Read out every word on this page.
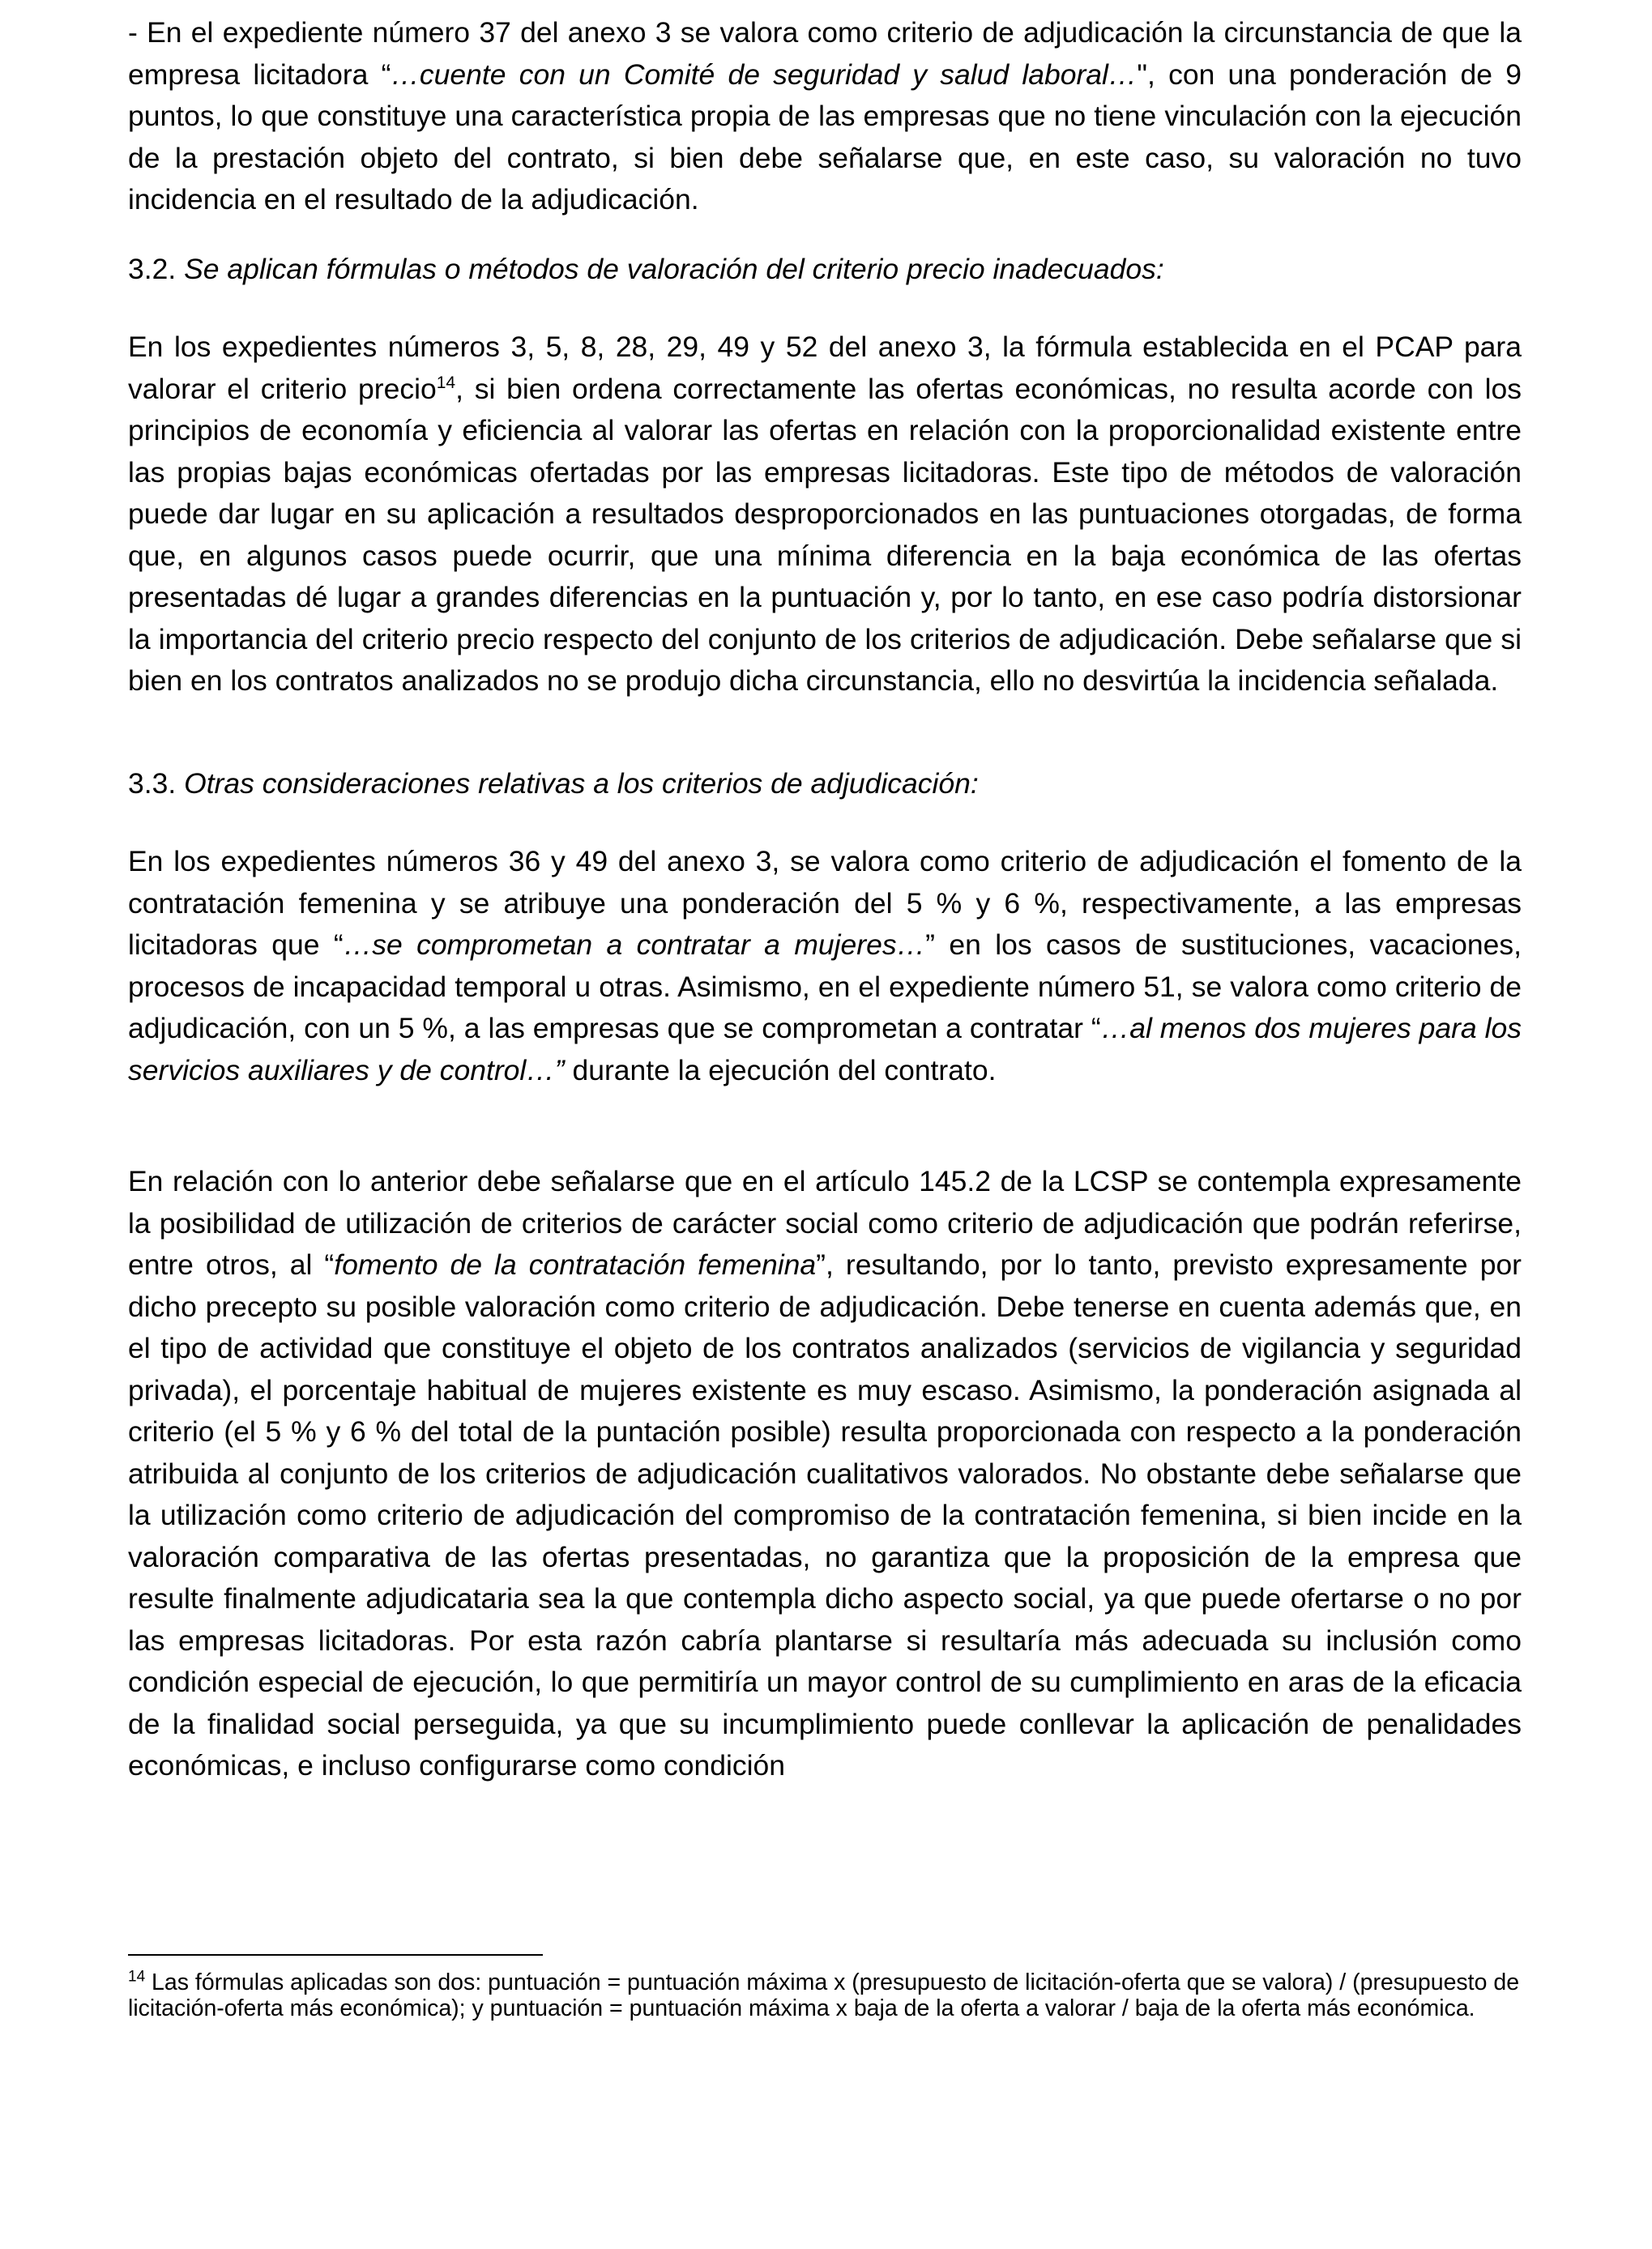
- En el expediente número 37 del anexo 3 se valora como criterio de adjudicación la circunstancia de que la empresa licitadora “…cuente con un Comité de seguridad y salud laboral…", con una ponderación de 9 puntos, lo que constituye una característica propia de las empresas que no tiene vinculación con la ejecución de la prestación objeto del contrato, si bien debe señalarse que, en este caso, su valoración no tuvo incidencia en el resultado de la adjudicación.

3.2. Se aplican fórmulas o métodos de valoración del criterio precio inadecuados:

En los expedientes números 3, 5, 8, 28, 29, 49 y 52 del anexo 3, la fórmula establecida en el PCAP para valorar el criterio precio$^{14}$, si bien ordena correctamente las ofertas económicas, no resulta acorde con los principios de economía y eficiencia al valorar las ofertas en relación con la proporcionalidad existente entre las propias bajas económicas ofertadas por las empresas licitadoras. Este tipo de métodos de valoración puede dar lugar en su aplicación a resultados desproporcionados en las puntuaciones otorgadas, de forma que, en algunos casos puede ocurrir, que una mínima diferencia en la baja económica de las ofertas presentadas dé lugar a grandes diferencias en la puntuación y, por lo tanto, en ese caso podría distorsionar la importancia del criterio precio respecto del conjunto de los criterios de adjudicación. Debe señalarse que si bien en los contratos analizados no se produjo dicha circunstancia, ello no desvirtúa la incidencia señalada.

3.3. Otras consideraciones relativas a los criterios de adjudicación:

En los expedientes números 36 y 49 del anexo 3, se valora como criterio de adjudicación el fomento de la contratación femenina y se atribuye una ponderación del 5 % y 6 %, respectivamente, a las empresas licitadoras que “…se comprometan a contratar a mujeres…” en los casos de sustituciones, vacaciones, procesos de incapacidad temporal u otras. Asimismo, en el expediente número 51, se valora como criterio de adjudicación, con un 5 %, a las empresas que se comprometan a contratar “…al menos dos mujeres para los servicios auxiliares y de control…” durante la ejecución del contrato.

En relación con lo anterior debe señalarse que en el artículo 145.2 de la LCSP se contempla expresamente la posibilidad de utilización de criterios de carácter social como criterio de adjudicación que podrán referirse, entre otros, al “fomento de la contratación femenina”, resultando, por lo tanto, previsto expresamente por dicho precepto su posible valoración como criterio de adjudicación. Debe tenerse en cuenta además que, en el tipo de actividad que constituye el objeto de los contratos analizados (servicios de vigilancia y seguridad privada), el porcentaje habitual de mujeres existente es muy escaso. Asimismo, la ponderación asignada al criterio (el 5 % y 6 % del total de la puntación posible) resulta proporcionada con respecto a la ponderación atribuida al conjunto de los criterios de adjudicación cualitativos valorados. No obstante debe señalarse que la utilización como criterio de adjudicación del compromiso de la contratación femenina, si bien incide en la valoración comparativa de las ofertas presentadas, no garantiza que la proposición de la empresa que resulte finalmente adjudicataria sea la que contempla dicho aspecto social, ya que puede ofertarse o no por las empresas licitadoras. Por esta razón cabría plantarse si resultaría más adecuada su inclusión como condición especial de ejecución, lo que permitiría un mayor control de su cumplimiento en aras de la eficacia de la finalidad social perseguida, ya que su incumplimiento puede conllevar la aplicación de penalidades económicas, e incluso configurarse como condición

$^{14}$ Las fórmulas aplicadas son dos: puntuación = puntuación máxima x (presupuesto de licitación-oferta que se valora) / (presupuesto de licitación-oferta más económica); y puntuación = puntuación máxima x baja de la oferta a valorar / baja de la oferta más económica.
